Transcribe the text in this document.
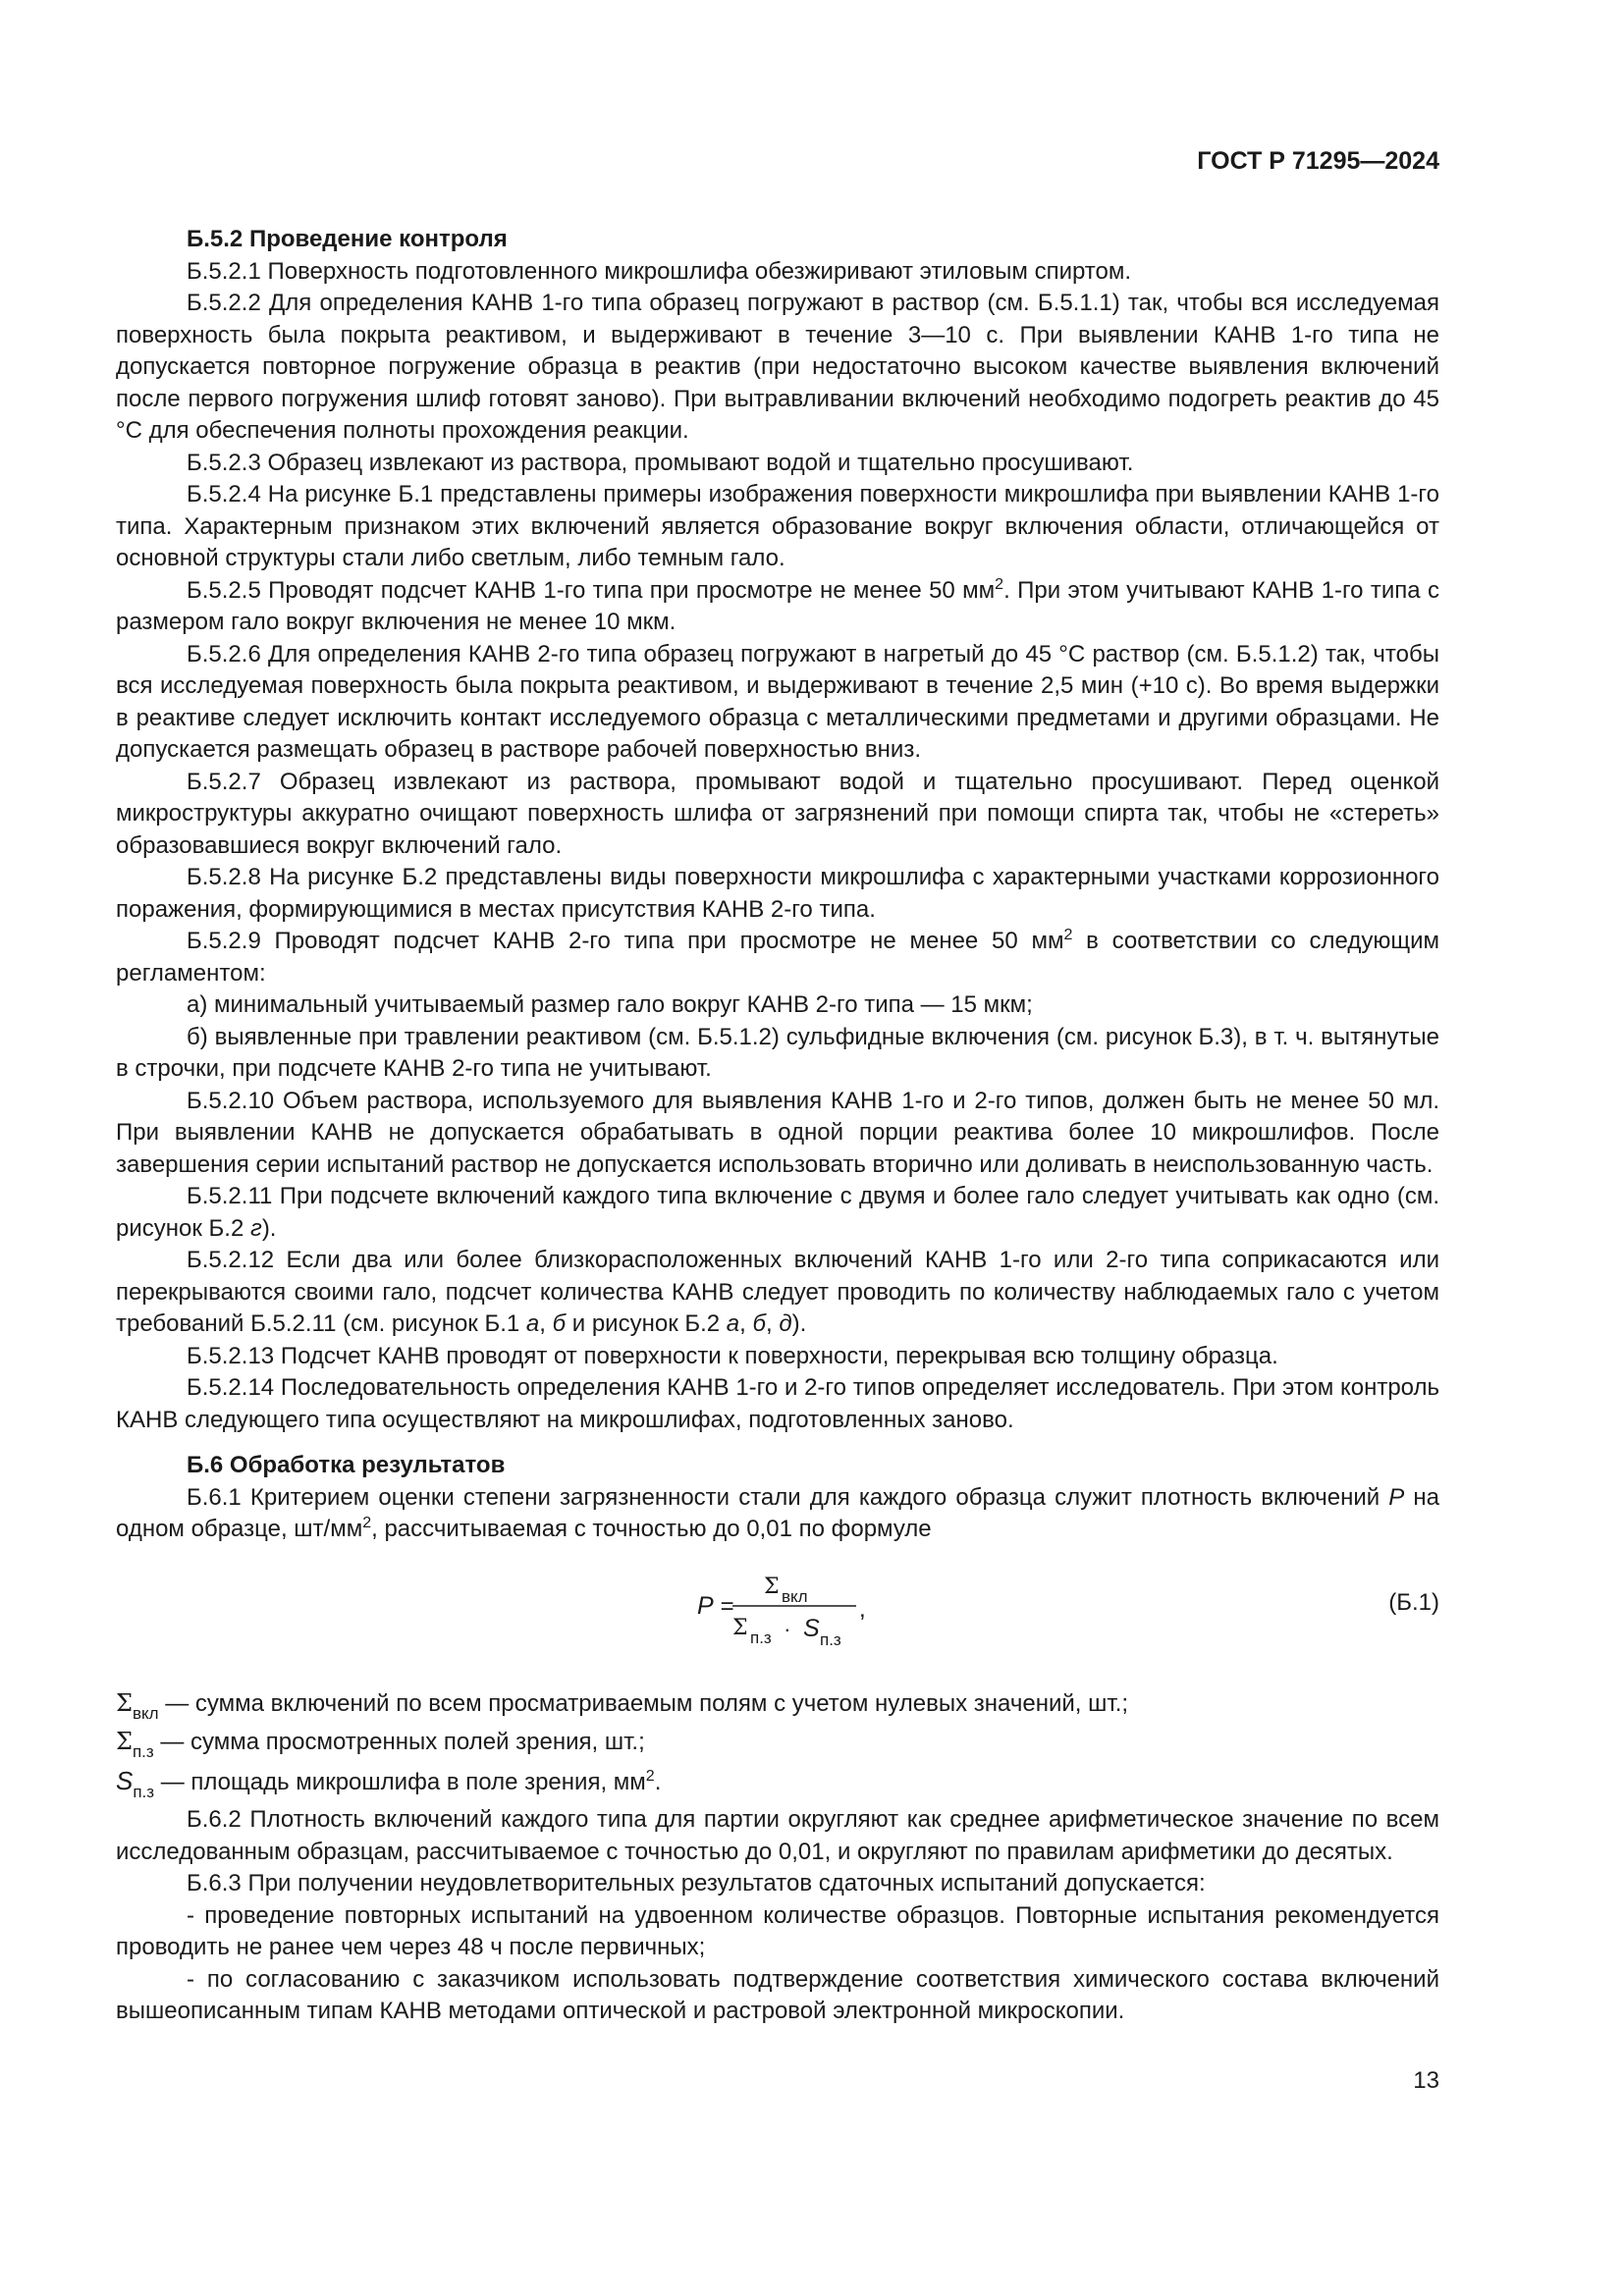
ГОСТ Р 71295—2024

Б.5.2 Проведение контроля

Б.5.2.1 Поверхность подготовленного микрошлифа обезжиривают этиловым спиртом.

Б.5.2.2 Для определения КАНВ 1-го типа образец погружают в раствор (см. Б.5.1.1) так, чтобы вся исследуемая поверхность была покрыта реактивом, и выдерживают в течение 3—10 с. При выявлении КАНВ 1-го типа не допускается повторное погружение образца в реактив (при недостаточно высоком качестве выявления включений после первого погружения шлиф готовят заново). При вытравливании включений необходимо подогреть реактив до 45 °С для обеспечения полноты прохождения реакции.

Б.5.2.3 Образец извлекают из раствора, промывают водой и тщательно просушивают.

Б.5.2.4 На рисунке Б.1 представлены примеры изображения поверхности микрошлифа при выявлении КАНВ 1-го типа. Характерным признаком этих включений является образование вокруг включения области, отличающейся от основной структуры стали либо светлым, либо темным гало.

Б.5.2.5 Проводят подсчет КАНВ 1-го типа при просмотре не менее 50 $мм^2$. При этом учитывают КАНВ 1-го типа с размером гало вокруг включения не менее 10 мкм.

Б.5.2.6 Для определения КАНВ 2-го типа образец погружают в нагретый до 45 °С раствор (см. Б.5.1.2) так, чтобы вся исследуемая поверхность была покрыта реактивом, и выдерживают в течение 2,5 мин (+10 с). Во время выдержки в реактиве следует исключить контакт исследуемого образца с металлическими предметами и другими образцами. Не допускается размещать образец в растворе рабочей поверхностью вниз.

Б.5.2.7 Образец извлекают из раствора, промывают водой и тщательно просушивают. Перед оценкой микроструктуры аккуратно очищают поверхность шлифа от загрязнений при помощи спирта так, чтобы не «стереть» образовавшиеся вокруг включений гало.

Б.5.2.8 На рисунке Б.2 представлены виды поверхности микрошлифа с характерными участками коррозионного поражения, формирующимися в местах присутствия КАНВ 2-го типа.

Б.5.2.9 Проводят подсчет КАНВ 2-го типа при просмотре не менее 50 $мм^2$ в соответствии со следующим регламентом:

а) минимальный учитываемый размер гало вокруг КАНВ 2-го типа — 15 мкм;

б) выявленные при травлении реактивом (см. Б.5.1.2) сульфидные включения (см. рисунок Б.3), в т. ч. вытянутые в строчки, при подсчете КАНВ 2-го типа не учитывают.

Б.5.2.10 Объем раствора, используемого для выявления КАНВ 1-го и 2-го типов, должен быть не менее 50 мл. При выявлении КАНВ не допускается обрабатывать в одной порции реактива более 10 микрошлифов. После завершения серии испытаний раствор не допускается использовать вторично или доливать в неиспользованную часть.

Б.5.2.11 При подсчете включений каждого типа включение с двумя и более гало следует учитывать как одно (см. рисунок Б.2 г).

Б.5.2.12 Если два или более близкорасположенных включений КАНВ 1-го или 2-го типа соприкасаются или перекрываются своими гало, подсчет количества КАНВ следует проводить по количеству наблюдаемых гало с учетом требований Б.5.2.11 (см. рисунок Б.1 а, б и рисунок Б.2 а, б, д).

Б.5.2.13 Подсчет КАНВ проводят от поверхности к поверхности, перекрывая всю толщину образца.

Б.5.2.14 Последовательность определения КАНВ 1-го и 2-го типов определяет исследователь. При этом контроль КАНВ следующего типа осуществляют на микрошлифах, подготовленных заново.

Б.6 Обработка результатов

Б.6.1 Критерием оценки степени загрязненности стали для каждого образца служит плотность включений P на одном образце, $шт/мм^2$, рассчитываемая с точностью до 0,01 по формуле

P =
Σ вкл
Σ п.з · S п.з
,	(Б.1)

$\Sigma_{вкл}$ — сумма включений по всем просматриваемым полям с учетом нулевых значений, шт.;

$\Sigma_{п.з}$ — сумма просмотренных полей зрения, шт.;

$S_{п.з}$ — площадь микрошлифа в поле зрения, $мм^2$.

Б.6.2 Плотность включений каждого типа для партии округляют как среднее арифметическое значение по всем исследованным образцам, рассчитываемое с точностью до 0,01, и округляют по правилам арифметики до десятых.

Б.6.3 При получении неудовлетворительных результатов сдаточных испытаний допускается:

- проведение повторных испытаний на удвоенном количестве образцов. Повторные испытания рекомендуется проводить не ранее чем через 48 ч после первичных;

- по согласованию с заказчиком использовать подтверждение соответствия химического состава включений вышеописанным типам КАНВ методами оптической и растровой электронной микроскопии.

13
